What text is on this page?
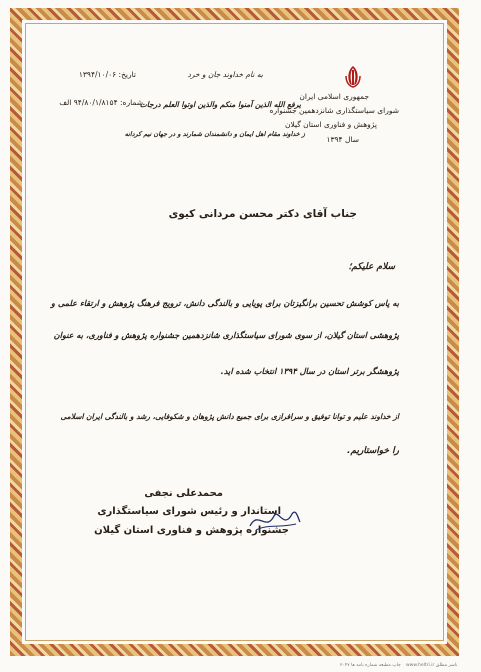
جمهوری اسلامی ایران
شورای سیاستگذاری شانزدهمین جشنواره
پژوهش و فناوری استان گیلان
سال ۱۳۹۴
به نام خداوند جان و خرد
یرفع الله الذین آمنوا منکم والذین اوتوا العلم درجات
ز خداوند مقام اهل ایمان و دانشمندان شمارند و در جهان نیم کردانه
تاریخ: ۱۳۹۴/۱۰/۰۶
شماره: ۹۴/۸۰/۱/۸۱۵۴ الف
جناب آقای دکتر محسن مردانی کیوی
سلام علیکم؛
به پاس کوشش تحسین برانگیزتان برای پویایی و بالندگی دانش، ترویج فرهنگ پژوهش و ارتقاء علمی و
پژوهشی استان گیلان، از سوی شورای سیاستگذاری شانزدهمین جشنواره پژوهش و فناوری، به عنوان
پژوهشگر برتر استان در سال ۱۳۹۴ انتخاب شده اید.
از خداوند علیم و توانا توفیق و سرافرازی برای جمیع دانش پژوهان و شکوفایی، رشد و بالندگی ایران اسلامی
را خواستاریم.
محمدعلی نجفی
استاندار و رئیس شورای سیاستگذاری
جشنواره پژوهش و فناوری استان گیلان
۲۰۴۷ چاپ مطبعه شماره نامه ها www.heltri.ir ناشر مطلق
